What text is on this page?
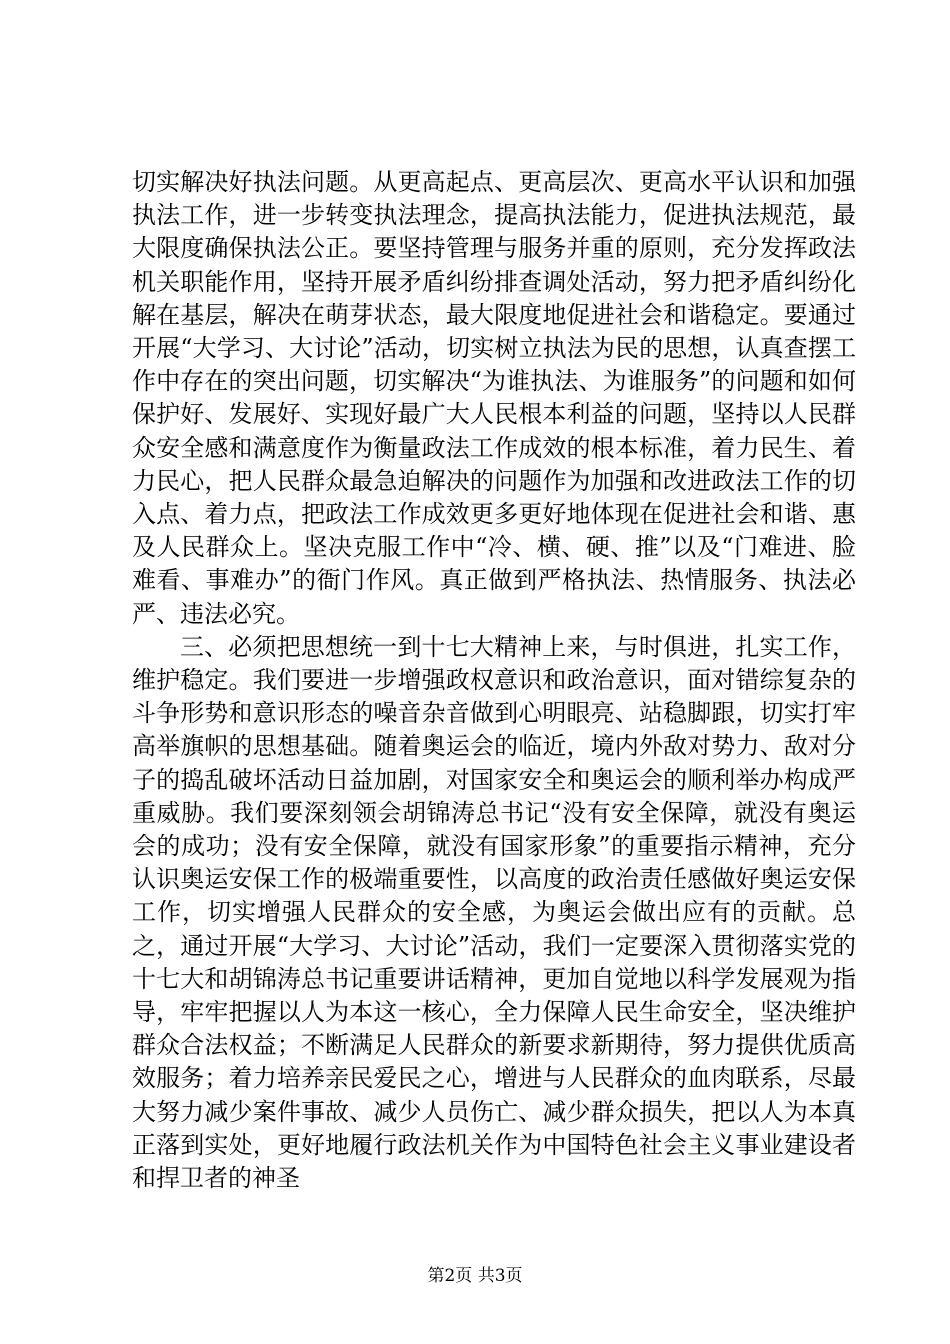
切实解决好执法问题。从更高起点、更高层次、更高水平认识和加强执法工作，进一步转变执法理念，提高执法能力，促进执法规范，最大限度确保执法公正。要坚持管理与服务并重的原则，充分发挥政法机关职能作用，坚持开展矛盾纠纷排查调处活动，努力把矛盾纠纷化解在基层，解决在萌芽状态，最大限度地促进社会和谐稳定。要通过开展“大学习、大讨论”活动，切实树立执法为民的思想，认真查摆工作中存在的突出问题，切实解决“为谁执法、为谁服务”的问题和如何保护好、发展好、实现好最广大人民根本利益的问题，坚持以人民群众安全感和满意度作为衡量政法工作成效的根本标准，着力民生、着力民心，把人民群众最急迫解决的问题作为加强和改进政法工作的切入点、着力点，把政法工作成效更多更好地体现在促进社会和谐、惠及人民群众上。坚决克服工作中“冷、横、硬、推”以及“门难进、脸难看、事难办”的衙门作风。真正做到严格执法、热情服务、执法必严、违法必究。

三、必须把思想统一到十七大精神上来，与时俱进，扎实工作，维护稳定。我们要进一步增强政权意识和政治意识，面对错综复杂的斗争形势和意识形态的噪音杂音做到心明眼亮、站稳脚跟，切实打牢高举旗帜的思想基础。随着奥运会的临近，境内外敌对势力、敌对分子的捣乱破坏活动日益加剧，对国家安全和奥运会的顺利举办构成严重威胁。我们要深刻领会胡锦涛总书记“没有安全保障，就没有奥运会的成功；没有安全保障，就没有国家形象”的重要指示精神，充分认识奥运安保工作的极端重要性，以高度的政治责任感做好奥运安保工作，切实增强人民群众的安全感，为奥运会做出应有的贡献。总之，通过开展“大学习、大讨论”活动，我们一定要深入贯彻落实党的十七大和胡锦涛总书记重要讲话精神，更加自觉地以科学发展观为指导，牢牢把握以人为本这一核心，全力保障人民生命安全，坚决维护群众合法权益；不断满足人民群众的新要求新期待，努力提供优质高效服务；着力培养亲民爱民之心，增进与人民群众的血肉联系，尽最大努力减少案件事故、减少人员伤亡、减少群众损失，把以人为本真正落到实处，更好地履行政法机关作为中国特色社会主义事业建设者和捍卫者的神圣

第2页 共3页
